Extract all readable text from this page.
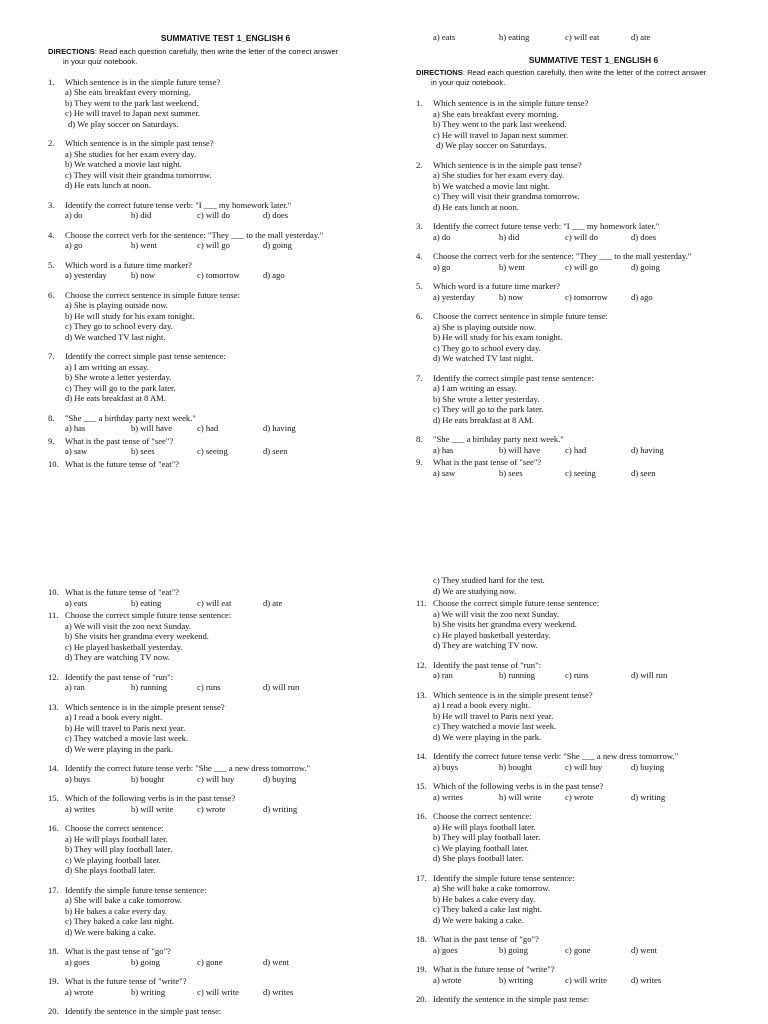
SUMMATIVE TEST 1_ENGLISH 6
DIRECTIONS: Read each question carefully, then write the letter of the correct answer
in your quiz notebook.
1. Which sentence is in the simple future tense?
a) She eats breakfast every morning.
b) They went to the park last weekend.
c) He will travel to Japan next summer.
d) We play soccer on Saturdays.
2. Which sentence is in the simple past tense?
a) She studies for her exam every day.
b) We watched a movie last night.
c) They will visit their grandma tomorrow.
d) He eats lunch at noon.
3. Identify the correct future tense verb: "I ___ my homework later."
a) do	b) did	c) will do	d) does
4. Choose the correct verb for the sentence: "They ___ to the mall yesterday."
a) go	b) went	c) will go	d) going
5. Which word is a future time marker?
a) yesterday	b) now	c) tomorrow	d) ago
6. Choose the correct sentence in simple future tense:
a) She is playing outside now.
b) He will study for his exam tonight.
c) They go to school every day.
d) We watched TV last night.
7. Identify the correct simple past tense sentence:
a) I am writing an essay.
b) She wrote a letter yesterday.
c) They will go to the park later.
d) He eats breakfast at 8 AM.
8. "She ___ a birthday party next week."
a) has	b) will have	c) had	d) having
9. What is the past tense of "see"?
a) saw	b) sees	c) seeing	d) seen
10. What is the future tense of "eat"?
a) eats	b) eating	c) will eat	d) ate
SUMMATIVE TEST 1_ENGLISH 6
DIRECTIONS: Read each question carefully, then write the letter of the correct answer
in your quiz notebook.
1. Which sentence is in the simple future tense?
a) She eats breakfast every morning.
b) They went to the park last weekend.
c) He will travel to Japan next summer.
d) We play soccer on Saturdays.
2. Which sentence is in the simple past tense?
a) She studies for her exam every day.
b) We watched a movie last night.
c) They will visit their grandma tomorrow.
d) He eats lunch at noon.
3. Identify the correct future tense verb: "I ___ my homework later."
a) do	b) did	c) will do	d) does
4. Choose the correct verb for the sentence: "They ___ to the mall yesterday."
a) go	b) went	c) will go	d) going
5. Which word is a future time marker?
a) yesterday	b) now	c) tomorrow	d) ago
6. Choose the correct sentence in simple future tense:
a) She is playing outside now.
b) He will study for his exam tonight.
c) They go to school every day.
d) We watched TV last night.
7. Identify the correct simple past tense sentence:
a) I am writing an essay.
b) She wrote a letter yesterday.
c) They will go to the park later.
d) He eats breakfast at 8 AM.
8. "She ___ a birthday party next week."
a) has	b) will have	c) had	d) having
9. What is the past tense of "see"?
a) saw	b) sees	c) seeing	d) seen
10. What is the future tense of "eat"?
a) eats	b) eating	c) will eat	d) ate
11. Choose the correct simple future tense sentence:
a) We will visit the zoo next Sunday.
b) She visits her grandma every weekend.
c) He played basketball yesterday.
d) They are watching TV now.
12. Identify the past tense of "run":
a) ran	b) running	c) runs	d) will run
13. Which sentence is in the simple present tense?
a) I read a book every night.
b) He will travel to Paris next year.
c) They watched a movie last week.
d) We were playing in the park.
14. Identify the correct future tense verb: "She ___ a new dress tomorrow."
a) buys	b) bought	c) will buy	d) buying
15. Which of the following verbs is in the past tense?
a) writes	b) will write	c) wrote	d) writing
16. Choose the correct sentence:
a) He will plays football later.
b) They will play football later.
c) We playing football later.
d) She plays football later.
17. Identify the simple future tense sentence:
a) She will bake a cake tomorrow.
b) He bakes a cake every day.
c) They baked a cake last night.
d) We were baking a cake.
18. What is the past tense of "go"?
a) goes	b) going	c) gone	d) went
19. What is the future tense of "write"?
a) wrote	b) writing	c) will write	d) writes
20. Identify the sentence in the simple past tense:
c) They studied hard for the test.
d) We are studying now.
11. Choose the correct simple future tense sentence:
a) We will visit the zoo next Sunday.
b) She visits her grandma every weekend.
c) He played basketball yesterday.
d) They are watching TV now.
12. Identify the past tense of "run":
a) ran	b) running	c) runs	d) will run
13. Which sentence is in the simple present tense?
a) I read a book every night.
b) He will travel to Paris next year.
c) They watched a movie last week.
d) We were playing in the park.
14. Identify the correct future tense verb: "She ___ a new dress tomorrow."
a) buys	b) bought	c) will buy	d) buying
15. Which of the following verbs is in the past tense?
a) writes	b) will write	c) wrote	d) writing
16. Choose the correct sentence:
a) He will plays football later.
b) They will play football later.
c) We playing football later.
d) She plays football later.
17. Identify the simple future tense sentence:
a) She will bake a cake tomorrow.
b) He bakes a cake every day.
c) They baked a cake last night.
d) We were baking a cake.
18. What is the past tense of "go"?
a) goes	b) going	c) gone	d) went
19. What is the future tense of "write"?
a) wrote	b) writing	c) will write	d) writes
20. Identify the sentence in the simple past tense:
